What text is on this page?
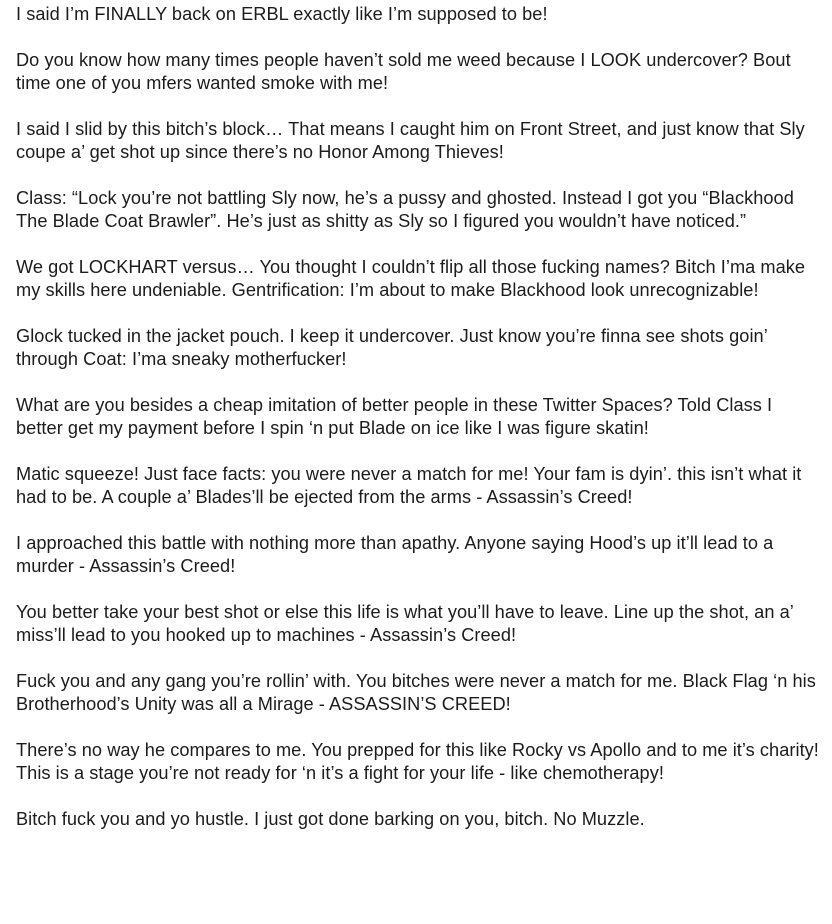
I said I’m FINALLY back on ERBL exactly like I’m supposed to be!

Do you know how many times people haven’t sold me weed because I LOOK undercover? Bout time one of you mfers wanted smoke with me!

I said I slid by this bitch’s block… That means I caught him on Front Street, and just know that Sly coupe a’ get shot up since there’s no Honor Among Thieves!

Class: “Lock you’re not battling Sly now, he’s a pussy and ghosted. Instead I got you “Blackhood The Blade Coat Brawler”. He’s just as shitty as Sly so I figured you wouldn’t have noticed.”

We got LOCKHART versus… You thought I couldn’t flip all those fucking names? Bitch I’ma make my skills here undeniable. Gentrification: I’m about to make Blackhood look unrecognizable!

Glock tucked in the jacket pouch. I keep it undercover. Just know you’re finna see shots goin’ through Coat: I’ma sneaky motherfucker!

What are you besides a cheap imitation of better people in these Twitter Spaces? Told Class I better get my payment before I spin ‘n put Blade on ice like I was figure skatin!

Matic squeeze! Just face facts: you were never a match for me! Your fam is dyin’. this isn’t what it had to be. A couple a’ Blades’ll be ejected from the arms - Assassin’s Creed!

I approached this battle with nothing more than apathy. Anyone saying Hood’s up it’ll lead to a murder - Assassin’s Creed!

You better take your best shot or else this life is what you’ll have to leave. Line up the shot, an a’ miss’ll lead to you hooked up to machines - Assassin’s Creed!

Fuck you and any gang you’re rollin’ with. You bitches were never a match for me. Black Flag ‘n his Brotherhood’s Unity was all a Mirage - ASSASSIN’S CREED!

There’s no way he compares to me. You prepped for this like Rocky vs Apollo and to me it’s charity! This is a stage you’re not ready for ‘n it’s a fight for your life - like chemotherapy!

Bitch fuck you and yo hustle. I just got done barking on you, bitch. No Muzzle.
